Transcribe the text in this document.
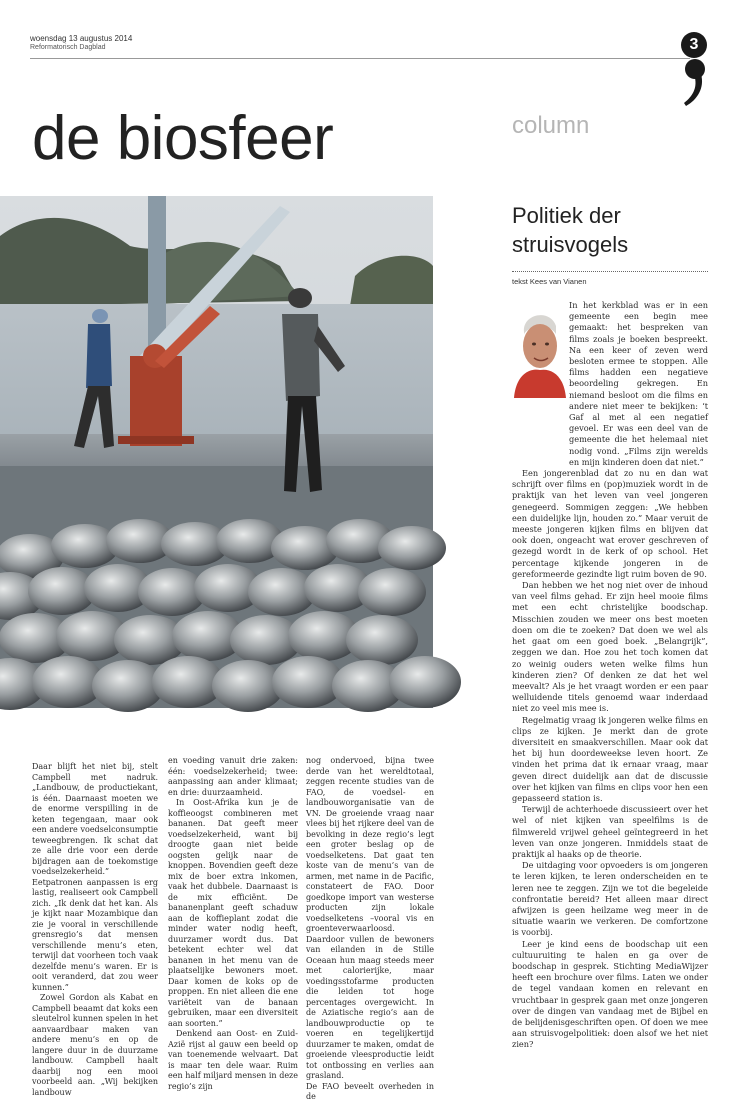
woensdag 13 augustus 2014
Reformatorisch Dagblad	3
de biosfeer	column
Politiek der
struisvogels
tekst Kees van Vianen

In het kerkblad was er in een gemeente een begin mee gemaakt: het bespreken van films zoals je boeken bespreekt. Na een keer of zeven werd besloten ermee te stoppen. Alle films hadden een negatieve beoordeling gekregen. En niemand besloot om die films en andere niet meer te bekijken: ‘t Gaf al met al een negatief gevoel. Er was een deel van de gemeente die het helemaal niet nodig vond. „Films zijn werelds en mijn kinderen doen dat niet.”

Een jongerenblad dat zo nu en dan wat schrijft over films en (pop)muziek wordt in de praktijk van het leven van veel jongeren genegeerd. Sommigen zeggen: „We hebben een duidelijke lijn, houden zo.” Maar veruit de meeste jongeren kijken films en blijven dat ook doen, ongeacht wat erover geschreven of gezegd wordt in de kerk of op school. Het percentage kijkende jongeren in de gereformeerde gezindte ligt ruim boven de 90.

Dan hebben we het nog niet over de inhoud van veel films gehad. Er zijn heel mooie films met een echt christelijke boodschap. Misschien zouden we meer ons best moeten doen om die te zoeken? Dat doen we wel als het gaat om een goed boek. „Belangrijk”, zeggen we dan. Hoe zou het toch komen dat zo weinig ouders weten welke films hun kinderen zien? Of denken ze dat het wel meevalt? Als je het vraagt worden er een paar welluidende titels genoemd waar inderdaad niet zo veel mis mee is.

Regelmatig vraag ik jongeren welke films en clips ze kijken. Je merkt dan de grote diversiteit en smaakverschillen. Maar ook dat het bij hun doordeweekse leven hoort. Ze vinden het prima dat ik ernaar vraag, maar geven direct duidelijk aan dat de discussie over het kijken van films en clips voor hen een gepasseerd station is.

Terwijl de achterhoede discussieert over het wel of niet kijken van speelfilms is de filmwereld vrijwel geheel geïntegreerd in het leven van onze jongeren. Inmiddels staat de praktijk al haaks op de theorie.

De uitdaging voor opvoeders is om jongeren te leren kijken, te leren onderscheiden en te leren nee te zeggen. Zijn we tot die begeleide confrontatie bereid? Het alleen maar direct afwijzen is geen heilzame weg meer in de situatie waarin we verkeren. De comfortzone is voorbij.

Leer je kind eens de boodschap uit een cultuuruiting te halen en ga over de boodschap in gesprek. Stichting MediaWijzer heeft een brochure over films. Laten we onder de tegel vandaan komen en relevant en vruchtbaar in gesprek gaan met onze jongeren over de dingen van vandaag met de Bijbel en de belijdenisgeschriften open. Of doen we mee aan struisvogelpolitiek: doen alsof we het niet zien?

Daar blijft het niet bij, stelt Campbell met nadruk. „Landbouw, de productiekant, is één. Daarnaast moeten we de enorme verspilling in de keten tegengaan, maar ook een andere voedselconsumptie teweegbrengen. Ik schat dat ze alle drie voor een derde bijdragen aan de toekomstige voedselzekerheid.” Eetpatronen aanpassen is erg lastig, realiseert ook Campbell zich. „Ik denk dat het kan. Als je kijkt naar Mozambique dan zie je vooral in verschillende grensregio’s dat mensen verschillende menu’s eten, terwijl dat voorheen toch vaak dezelfde menu’s waren. Er is ooit veranderd, dat zou weer kunnen.”

Zowel Gordon als Kabat en Campbell beaamt dat koks een sleutelrol kunnen spelen in het aanvaardbaar maken van andere menu’s en op de langere duur in de duurzame landbouw. Campbell haalt daarbij nog een mooi voorbeeld aan. „Wij bekijken landbouw

en voeding vanuit drie zaken: één: voedselzekerheid; twee: aanpassing aan ander klimaat; en drie: duurzaamheid.

In Oost-Afrika kun je de koffieoogst combineren met bananen. Dat geeft meer voedselzekerheid, want bij droogte gaan niet beide oogsten gelijk naar de knoppen. Bovendien geeft deze mix de boer extra inkomen, vaak het dubbele. Daarnaast is de mix efficiënt. De bananenplant geeft schaduw aan de koffieplant zodat die minder water nodig heeft, duurzamer wordt dus. Dat betekent echter wel dat bananen in het menu van de plaatselijke bewoners moet. Daar komen de koks op de proppen. En niet alleen die ene variëteit van de banaan gebruiken, maar een diversiteit aan soorten.”

Denkend aan Oost- en Zuid-Azië rijst al gauw een beeld op van toenemende welvaart. Dat is maar ten dele waar. Ruim een half miljard mensen in deze regio’s zijn

nog ondervoed, bijna twee derde van het wereldtotaal, zeggen recente studies van de FAO, de voedsel- en landbouworganisatie van de VN. De groeiende vraag naar vlees bij het rijkere deel van de bevolking in deze regio’s legt een groter beslag op de voedselketens. Dat gaat ten koste van de menu’s van de armen, met name in de Pacific, constateert de FAO. Door goedkope import van westerse producten zijn lokale voedselketens –vooral vis en groenteverwaarloosd. Daardoor vullen de bewoners van eilanden in de Stille Oceaan hun maag steeds meer met calorierijke, maar voedingsstofarme producten die leiden tot hoge percentages overgewicht. In de Aziatische regio’s aan de landbouwproductie op te voeren en tegelijkertijd duurzamer te maken, omdat de groeiende vleesproductie leidt tot ontbossing en verlies aan grasland.

De FAO beveelt overheden in de
